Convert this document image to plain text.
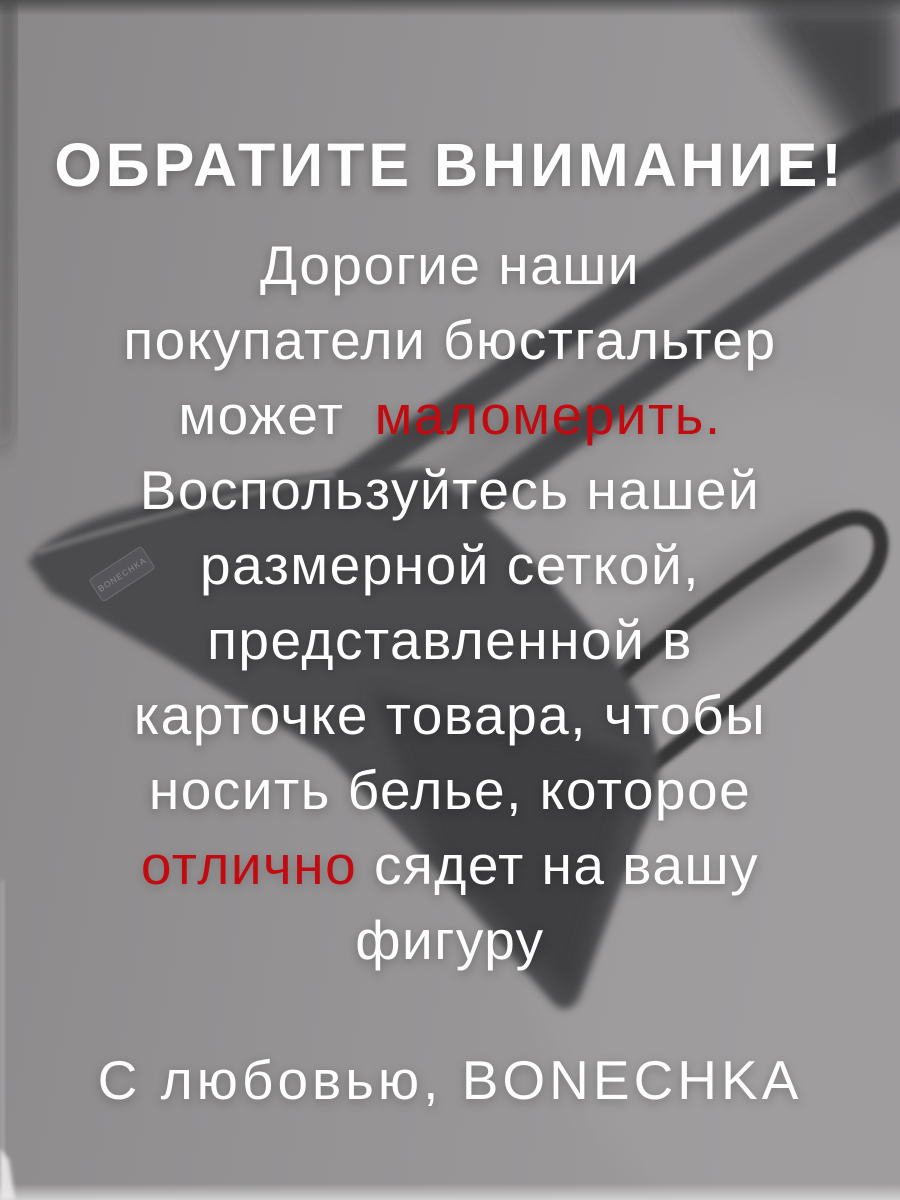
BONECHKA
ОБРАТИТЕ ВНИМАНИЕ!
Дорогие наши
покупатели бюстгальтер
может маломерить.
Воспользуйтесь нашей
размерной сеткой,
представленной в
карточке товара, чтобы
носить белье, которое
отлично сядет на вашу
фигуру
С любовью, BONECHKA
